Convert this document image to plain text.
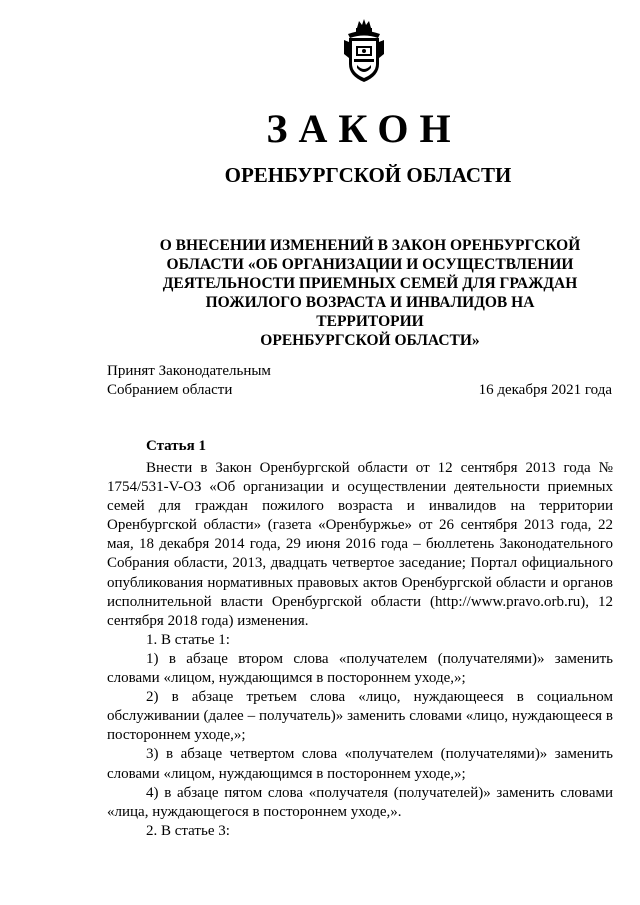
ЗАКОН
ОРЕНБУРГСКОЙ ОБЛАСТИ
О ВНЕСЕНИИ ИЗМЕНЕНИЙ В ЗАКОН ОРЕНБУРГСКОЙ
ОБЛАСТИ «ОБ ОРГАНИЗАЦИИ И ОСУЩЕСТВЛЕНИИ
ДЕЯТЕЛЬНОСТИ ПРИЕМНЫХ СЕМЕЙ ДЛЯ ГРАЖДАН
ПОЖИЛОГО ВОЗРАСТА И ИНВАЛИДОВ НА ТЕРРИТОРИИ
ОРЕНБУРГСКОЙ ОБЛАСТИ»
Принят Законодательным
Собранием области	16 декабря 2021 года
Статья 1

Внести в Закон Оренбургской области от 12 сентября 2013 года № 1754/531-V-ОЗ «Об организации и осуществлении деятельности приемных семей для граждан пожилого возраста и инвалидов на территории Оренбургской области» (газета «Оренбуржье» от 26 сентября 2013 года, 22 мая, 18 декабря 2014 года, 29 июня 2016 года – бюллетень Законодательного Собрания области, 2013, двадцать четвертое заседание; Портал официального опубликования нормативных правовых актов Оренбургской области и органов исполнительной власти Оренбургской области (http://www.pravo.orb.ru), 12 сентября 2018 года) изменения.

1. В статье 1:

1) в абзаце втором слова «получателем (получателями)» заменить словами «лицом, нуждающимся в постороннем уходе,»;

2) в абзаце третьем слова «лицо, нуждающееся в социальном обслуживании (далее – получатель)» заменить словами «лицо, нуждающееся в постороннем уходе,»;

3) в абзаце четвертом слова «получателем (получателями)» заменить словами «лицом, нуждающимся в постороннем уходе,»;

4) в абзаце пятом слова «получателя (получателей)» заменить словами «лица, нуждающегося в постороннем уходе,».

2. В статье 3:
